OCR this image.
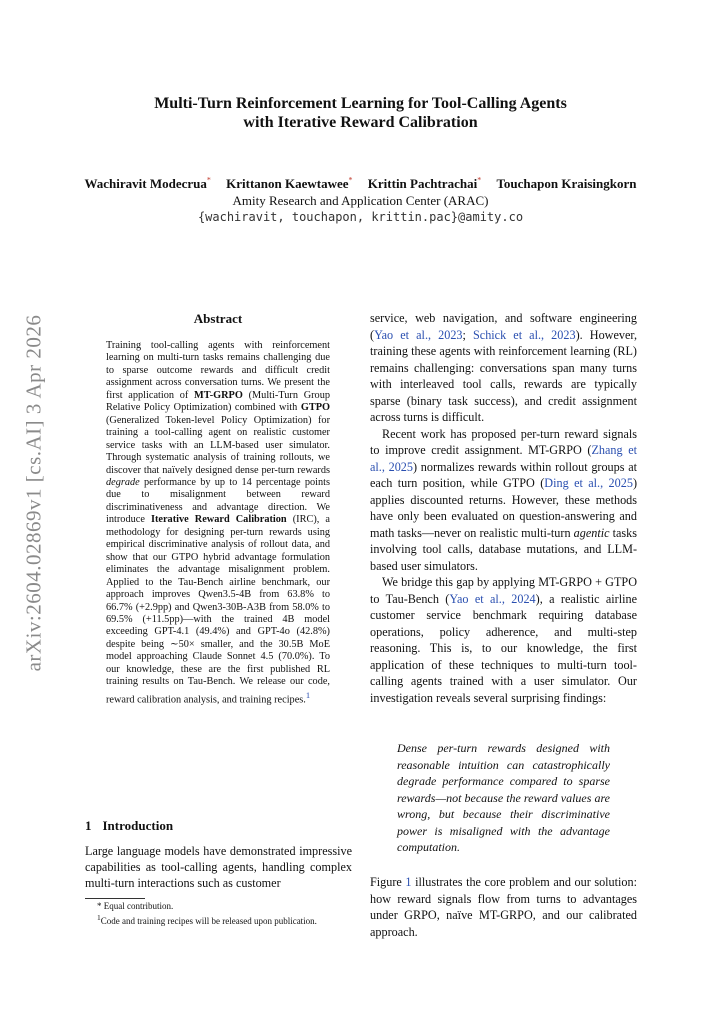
Multi-Turn Reinforcement Learning for Tool-Calling Agents
with Iterative Reward Calibration
Wachiravit Modecrua* Krittanon Kaewtawee* Krittin Pachtrachai* Touchapon Kraisingkorn
Amity Research and Application Center (ARAC)
{wachiravit, touchapon, krittin.pac}@amity.co
arXiv:2604.02869v1 [cs.AI] 3 Apr 2026	Abstract
Training tool-calling agents with reinforcement learning on multi-turn tasks remains challenging due to sparse outcome rewards and difficult credit assignment across conversation turns. We present the first application of MT-GRPO (Multi-Turn Group Relative Policy Optimization) combined with GTPO (Generalized Token-level Policy Optimization) for training a tool-calling agent on realistic customer service tasks with an LLM-based user simulator. Through systematic analysis of training rollouts, we discover that naïvely designed dense per-turn rewards degrade performance by up to 14 percentage points due to misalignment between reward discriminativeness and advantage direction. We introduce Iterative Reward Calibration (IRC), a methodology for designing per-turn rewards using empirical discriminative analysis of rollout data, and show that our GTPO hybrid advantage formulation eliminates the advantage misalignment problem. Applied to the Tau-Bench airline benchmark, our approach improves Qwen3.5-4B from 63.8% to 66.7% (+2.9pp) and Qwen3-30B-A3B from 58.0% to 69.5% (+11.5pp)—with the trained 4B model exceeding GPT-4.1 (49.4%) and GPT-4o (42.8%) despite being ∼50× smaller, and the 30.5B MoE model approaching Claude Sonnet 4.5 (70.0%). To our knowledge, these are the first published RL training results on Tau-Bench. We release our code, reward calibration analysis, and training recipes.$^1$
1 Introduction
Large language models have demonstrated impressive capabilities as tool-calling agents, handling complex multi-turn interactions such as customer

* Equal contribution.

$^1$Code and training recipes will be released upon publication.

service, web navigation, and software engineering (Yao et al., 2023; Schick et al., 2023). However, training these agents with reinforcement learning (RL) remains challenging: conversations span many turns with interleaved tool calls, rewards are typically sparse (binary task success), and credit assignment across turns is difficult.

Recent work has proposed per-turn reward signals to improve credit assignment. MT-GRPO (Zhang et al., 2025) normalizes rewards within rollout groups at each turn position, while GTPO (Ding et al., 2025) applies discounted returns. However, these methods have only been evaluated on question-answering and math tasks—never on realistic multi-turn agentic tasks involving tool calls, database mutations, and LLM-based user simulators.

We bridge this gap by applying MT-GRPO + GTPO to Tau-Bench (Yao et al., 2024), a realistic airline customer service benchmark requiring database operations, policy adherence, and multi-step reasoning. This is, to our knowledge, the first application of these techniques to multi-turn tool-calling agents trained with a user simulator. Our investigation reveals several surprising findings:

Dense per-turn rewards designed with reasonable intuition can catastrophically degrade performance compared to sparse rewards—not because the reward values are wrong, but because their discriminative power is misaligned with the advantage computation.
Figure 1 illustrates the core problem and our solution: how reward signals flow from turns to advantages under GRPO, naïve MT-GRPO, and our calibrated approach.
